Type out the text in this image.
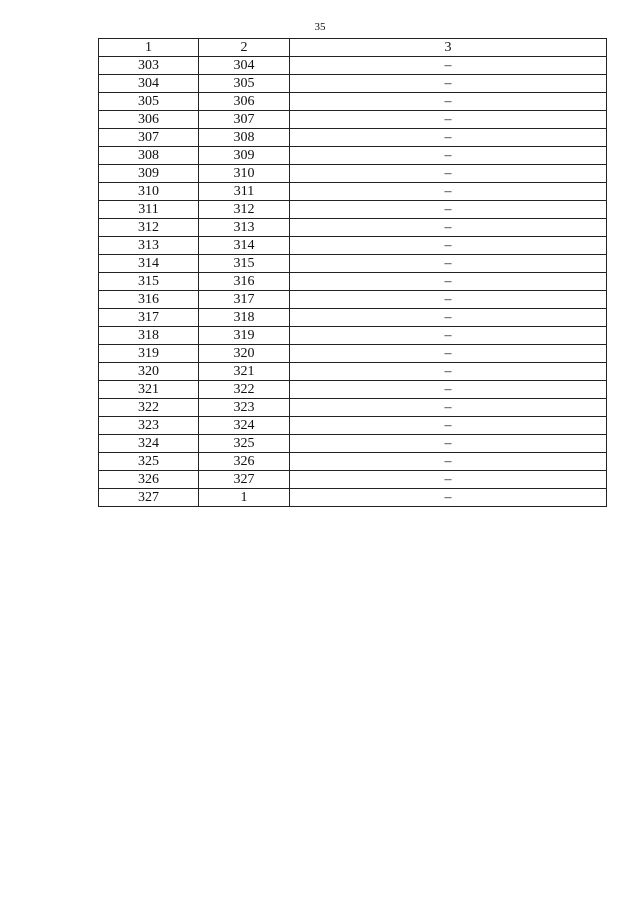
35
1	2	3
303	304	–
304	305	–
305	306	–
306	307	–
307	308	–
308	309	–
309	310	–
310	311	–
311	312	–
312	313	–
313	314	–
314	315	–
315	316	–
316	317	–
317	318	–
318	319	–
319	320	–
320	321	–
321	322	–
322	323	–
323	324	–
324	325	–
325	326	–
326	327	–
327	1	–
